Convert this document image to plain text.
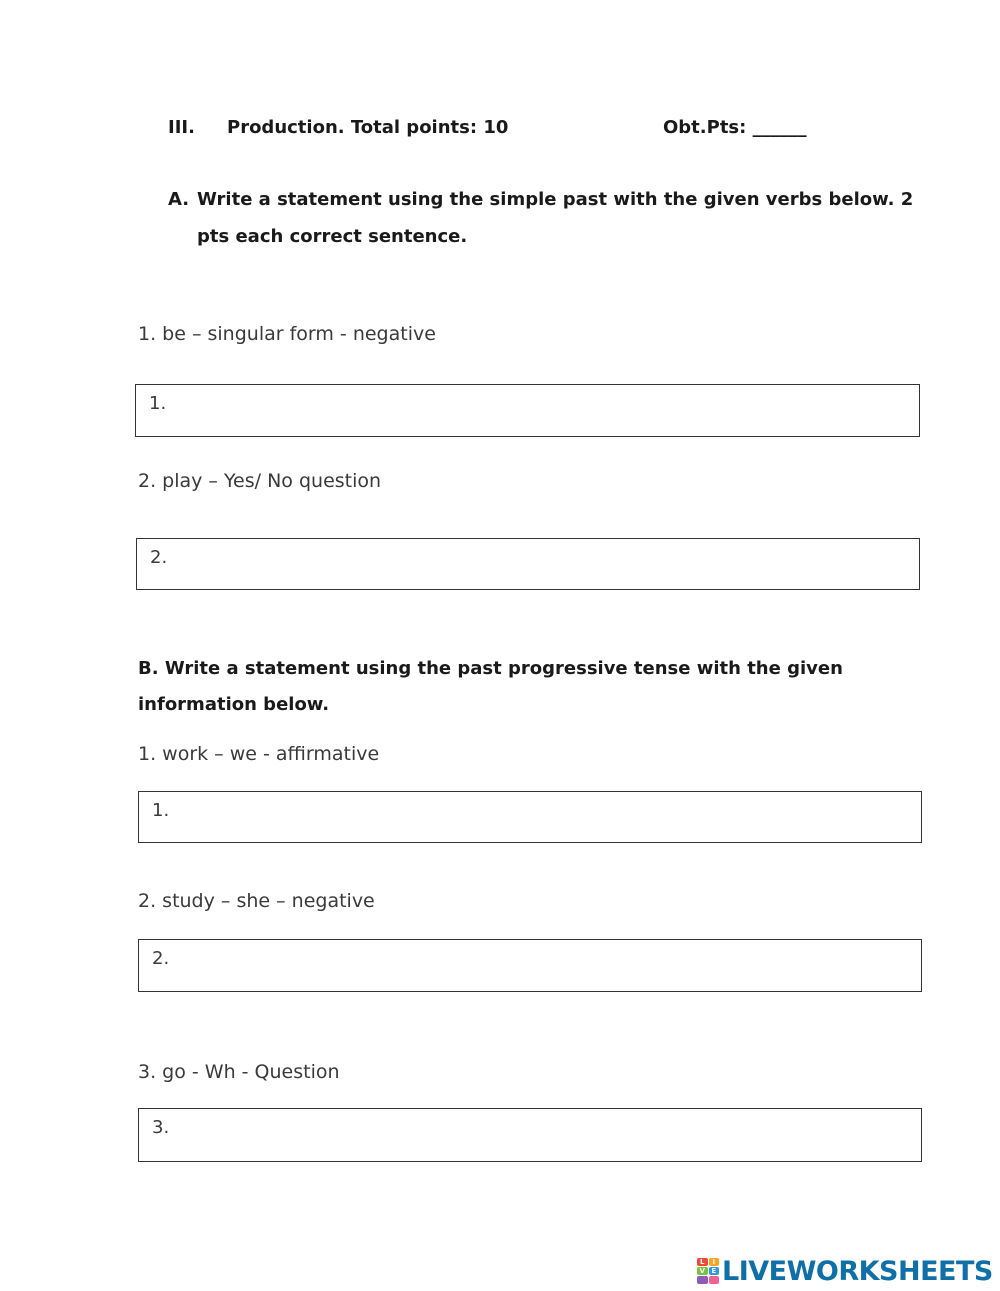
III. Production. Total points: 10	Obt.Pts: ______
A. Write a statement using the simple past with the given verbs below. 2
pts each correct sentence.
1. be – singular form - negative
1.
2. play – Yes/ No question
2.
B. Write a statement using the past progressive tense with the given
information below.
1. work – we - affirmative
1.
2. study – she – negative
2.
3. go - Wh - Question
3.
L	I
V E LIVEWORKSHEETS
